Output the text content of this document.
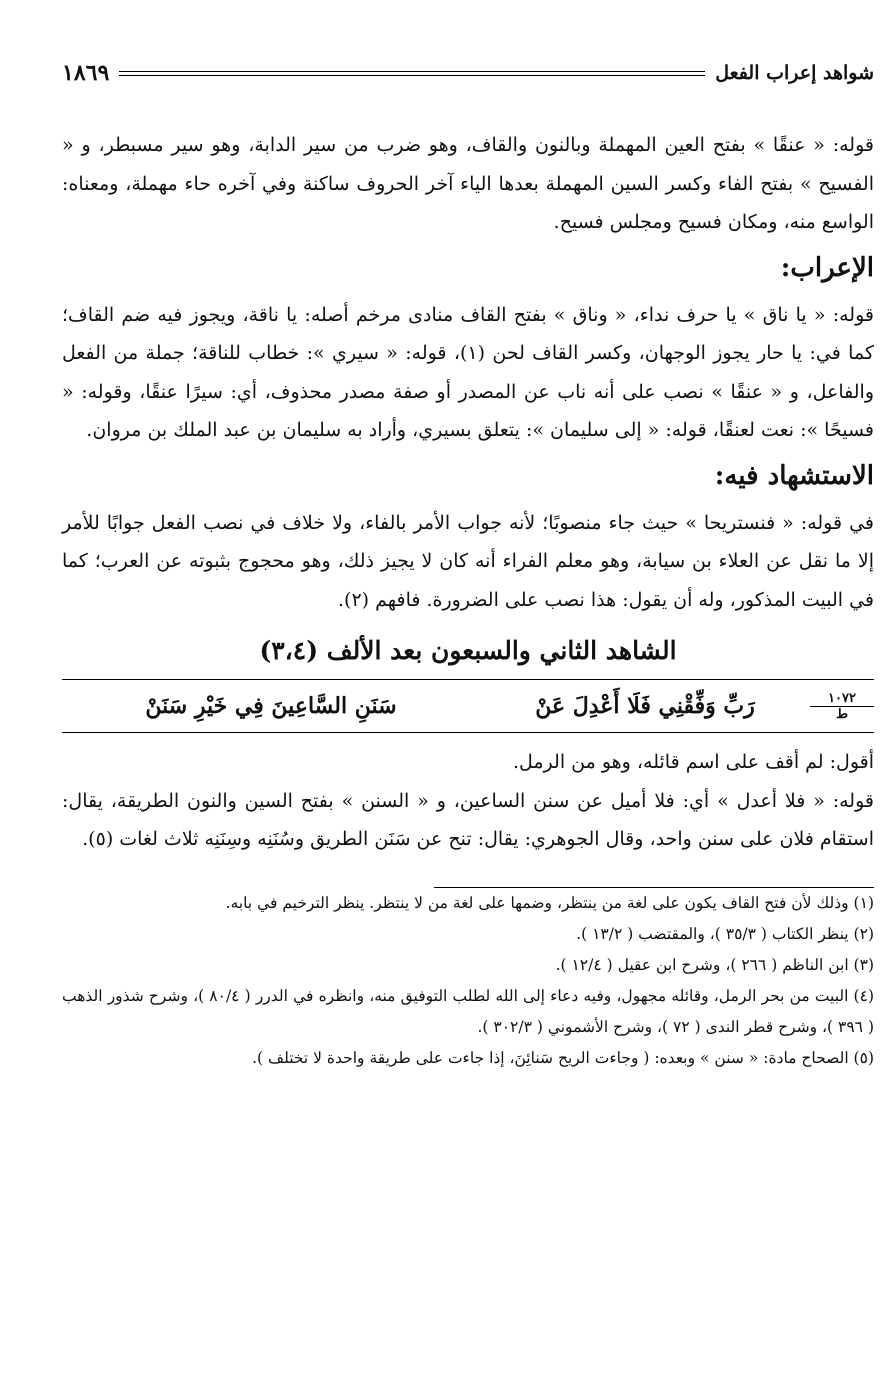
شواهد إعراب الفعل
١٨٦٩

قوله: « عنقًا » بفتح العين المهملة وبالنون والقاف، وهو ضرب من سير الدابة، وهو سير مسبطر، و « الفسيح » بفتح الفاء وكسر السين المهملة بعدها الياء آخر الحروف ساكنة وفي آخره حاء مهملة، ومعناه: الواسع منه، ومكان فسيح ومجلس فسيح.

الإعراب:

قوله: « يا ناق » يا حرف نداء، « وناق » بفتح القاف منادى مرخم أصله: يا ناقة، ويجوز فيه ضم القاف؛ كما في: يا حار يجوز الوجهان، وكسر القاف لحن (١)، قوله: « سيري »: خطاب للناقة؛ جملة من الفعل والفاعل، و « عنقًا » نصب على أنه ناب عن المصدر أو صفة مصدر محذوف، أي: سيرًا عنقًا، وقوله: « فسيحًا »: نعت لعنقًا، قوله: « إلى سليمان »: يتعلق بسيري، وأراد به سليمان بن عبد الملك بن مروان.

الاستشهاد فيه:

في قوله: « فنستريحا » حيث جاء منصوبًا؛ لأنه جواب الأمر بالفاء، ولا خلاف في نصب الفعل جوابًا للأمر إلا ما نقل عن العلاء بن سيابة، وهو معلم الفراء أنه كان لا يجيز ذلك، وهو محجوج بثبوته عن العرب؛ كما في البيت المذكور، وله أن يقول: هذا نصب على الضرورة. فافهم (٢).

الشاهد الثاني والسبعون بعد الألف (٣،٤)
١٠٧٢
ط
رَبِّ وَفِّقْنِي فَلَا أَعْدِلَ عَنْ
سَنَنِ السَّاعِينَ فِي خَيْرِ سَنَنْ

أقول: لم أقف على اسم قائله، وهو من الرمل.

قوله: « فلا أعدل » أي: فلا أميل عن سنن الساعين، و « السنن » بفتح السين والنون الطريقة، يقال: استقام فلان على سنن واحد، وقال الجوهري: يقال: تنح عن سَنَن الطريق وسُنَنِه وسِنَنِه ثلاث لغات (٥).

(١) وذلك لأن فتح القاف يكون على لغة من ينتظر، وضمها على لغة من لا ينتظر. ينظر الترخيم في بابه.

(٢) ينظر الكتاب ( ٣٥/٣ )، والمقتضب ( ١٣/٢ ).

(٣) ابن الناظم ( ٢٦٦ )، وشرح ابن عقيل ( ١٢/٤ ).

(٤) البيت من بحر الرمل، وقائله مجهول، وفيه دعاء إلى الله لطلب التوفيق منه، وانظره في الدرر ( ٨٠/٤ )، وشرح شذور الذهب ( ٣٩٦ )، وشرح قطر الندى ( ٧٢ )، وشرح الأشموني ( ٣٠٢/٣ ).

(٥) الصحاح مادة: « سنن » وبعده: ( وجاءت الريح سَنائِنَ، إذا جاءت على طريقة واحدة لا تختلف ).
